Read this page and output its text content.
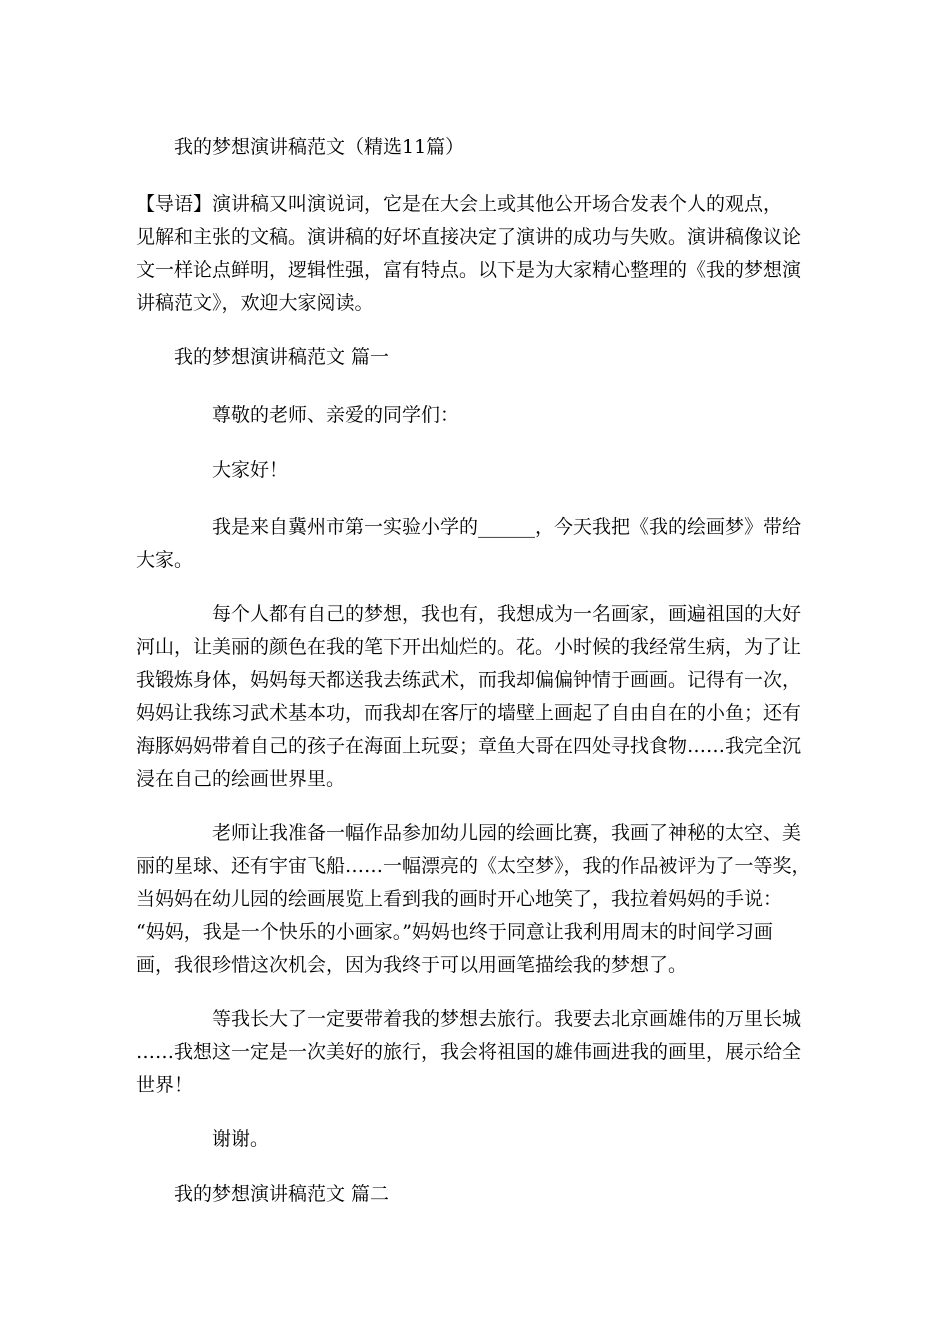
我的梦想演讲稿范文（精选11篇）
【导语】演讲稿又叫演说词，它是在大会上或其他公开场合发表个人的观点，
见解和主张的文稿。演讲稿的好坏直接决定了演讲的成功与失败。演讲稿像议论
文一样论点鲜明，逻辑性强，富有特点。以下是为大家精心整理的《我的梦想演
讲稿范文》，欢迎大家阅读。
我的梦想演讲稿范文 篇一
尊敬的老师、亲爱的同学们：
大家好！
我是来自冀州市第一实验小学的______，今天我把《我的绘画梦》带给
大家。
每个人都有自己的梦想，我也有，我想成为一名画家，画遍祖国的大好
河山，让美丽的颜色在我的笔下开出灿烂的。花。小时候的我经常生病，为了让
我锻炼身体，妈妈每天都送我去练武术，而我却偏偏钟情于画画。记得有一次，
妈妈让我练习武术基本功，而我却在客厅的墙壁上画起了自由自在的小鱼；还有
海豚妈妈带着自己的孩子在海面上玩耍；章鱼大哥在四处寻找食物……我完全沉
浸在自己的绘画世界里。
老师让我准备一幅作品参加幼儿园的绘画比赛，我画了神秘的太空、美
丽的星球、还有宇宙飞船……一幅漂亮的《太空梦》，我的作品被评为了一等奖，
当妈妈在幼儿园的绘画展览上看到我的画时开心地笑了，我拉着妈妈的手说：
“妈妈，我是一个快乐的小画家。”妈妈也终于同意让我利用周末的时间学习画
画，我很珍惜这次机会，因为我终于可以用画笔描绘我的梦想了。
等我长大了一定要带着我的梦想去旅行。我要去北京画雄伟的万里长城
……我想这一定是一次美好的旅行，我会将祖国的雄伟画进我的画里，展示给全
世界！
谢谢。
我的梦想演讲稿范文 篇二
